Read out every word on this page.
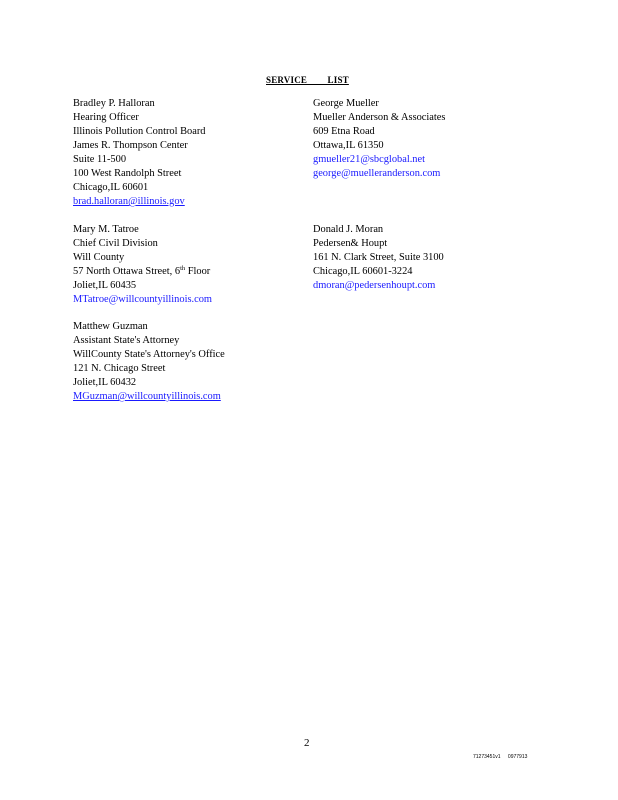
SERVICE LIST
Bradley P. Halloran
Hearing Officer
Illinois Pollution Control Board
James R. Thompson Center
Suite 11-500
100 West Randolph Street
Chicago,IL 60601
brad.halloran@illinois.gov
Mary M. Tatroe
Chief Civil Division
Will County
57 North Ottawa Street, 6th Floor
Joliet,IL 60435
MTatroe@willcountyillinois.com
Matthew Guzman
Assistant State's Attorney
WillCounty State's Attorney's Office
121 N. Chicago Street
Joliet,IL 60432
MGuzman@willcountyillinois.com
George Mueller
Mueller Anderson & Associates
609 Etna Road
Ottawa,IL 61350
gmueller21@sbcglobal.net
george@muelleranderson.com
Donald J. Moran
Pedersen& Houpt
161 N. Clark Street, Suite 3100
Chicago,IL 60601-3224
dmoran@pedersenhoupt.com
2
71273451v1 0977913
